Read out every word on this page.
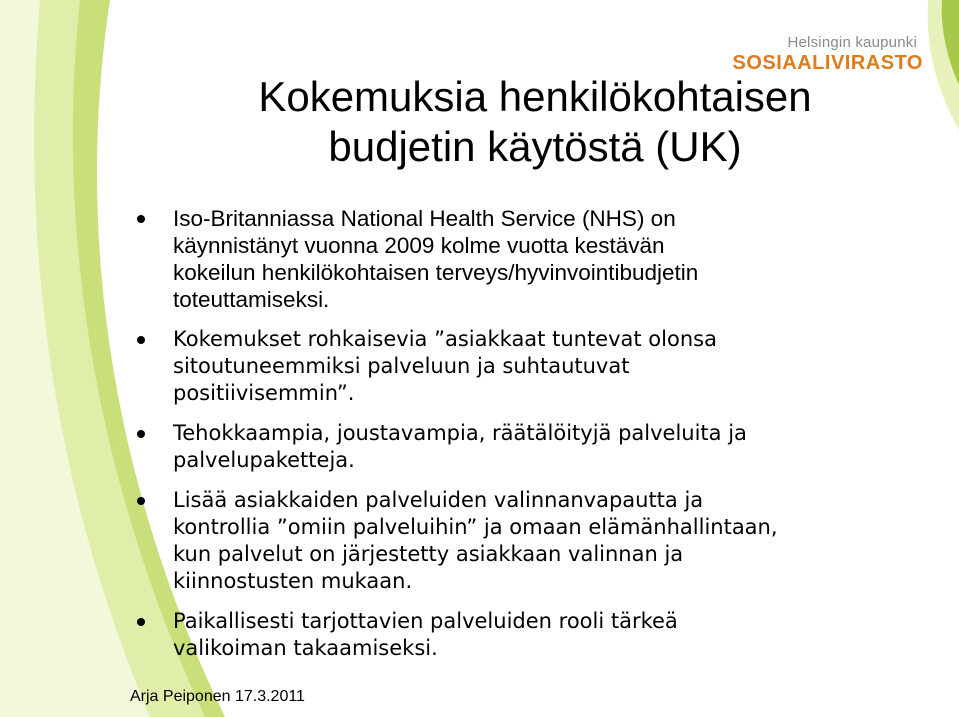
Helsingin kaupunki
SOSIAALIVIRASTO
Kokemuksia henkilökohtaisen
budjetin käytöstä (UK)
Iso-Britanniassa National Health Service (NHS) on
käynnistänyt vuonna 2009 kolme vuotta kestävän
kokeilun henkilökohtaisen terveys/hyvinvointibudjetin
toteuttamiseksi.
Kokemukset rohkaisevia ”asiakkaat tuntevat olonsa
sitoutuneemmiksi palveluun ja suhtautuvat
positiivisemmin”.
Tehokkaampia, joustavampia, räätälöityjä palveluita ja
palvelupaketteja.
Lisää asiakkaiden palveluiden valinnanvapautta ja
kontrollia ”omiin palveluihin” ja omaan elämänhallintaan,
kun palvelut on järjestetty asiakkaan valinnan ja
kiinnostusten mukaan.
Paikallisesti tarjottavien palveluiden rooli tärkeä
valikoiman takaamiseksi.
Arja Peiponen 17.3.2011
